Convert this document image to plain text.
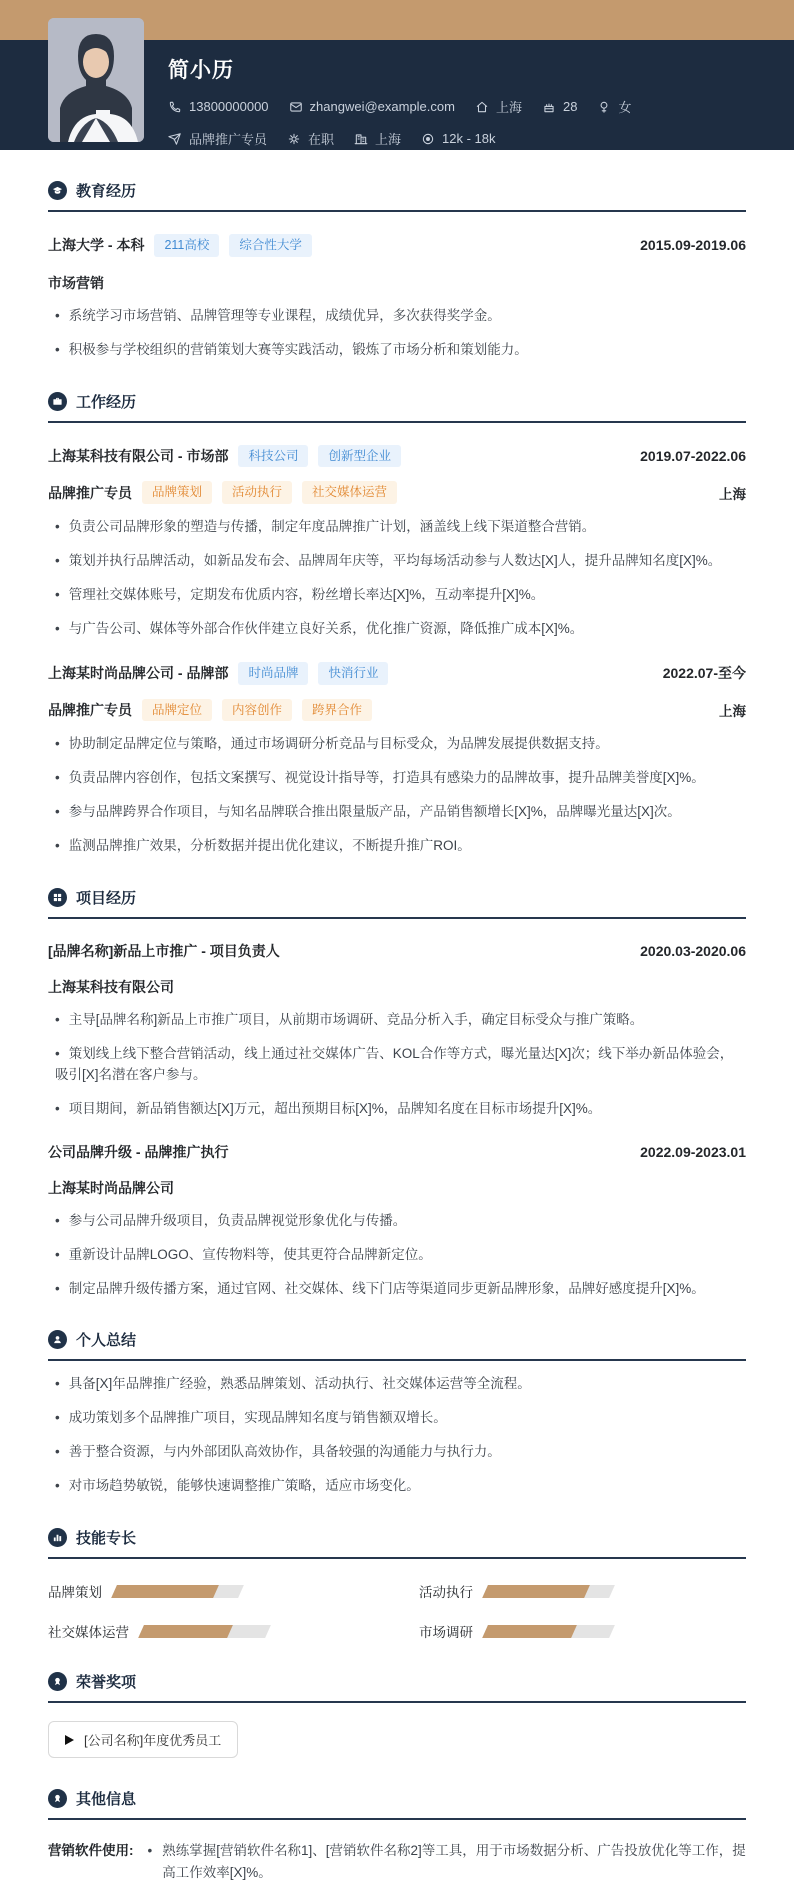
简小历
13800000000	zhangwei@example.com	上海	28	女
品牌推广专员	在职	上海	12k - 18k
教育经历
上海大学 - 本科	211高校	综合性大学	2015.09-2019.06
市场营销
• 系统学习市场营销、品牌管理等专业课程，成绩优异，多次获得奖学金。
• 积极参与学校组织的营销策划大赛等实践活动，锻炼了市场分析和策划能力。
工作经历
上海某科技有限公司 - 市场部	科技公司	创新型企业	2019.07-2022.06
品牌推广专员	品牌策划	活动执行	社交媒体运营	上海
• 负责公司品牌形象的塑造与传播，制定年度品牌推广计划，涵盖线上线下渠道整合营销。
• 策划并执行品牌活动，如新品发布会、品牌周年庆等，平均每场活动参与人数达[X]人，提升品牌知名度[X]%。
• 管理社交媒体账号，定期发布优质内容，粉丝增长率达[X]%，互动率提升[X]%。
• 与广告公司、媒体等外部合作伙伴建立良好关系，优化推广资源，降低推广成本[X]%。
上海某时尚品牌公司 - 品牌部	时尚品牌	快消行业	2022.07-至今
品牌推广专员	品牌定位	内容创作	跨界合作	上海
• 协助制定品牌定位与策略，通过市场调研分析竞品与目标受众，为品牌发展提供数据支持。
• 负责品牌内容创作，包括文案撰写、视觉设计指导等，打造具有感染力的品牌故事，提升品牌美誉度[X]%。
• 参与品牌跨界合作项目，与知名品牌联合推出限量版产品，产品销售额增长[X]%，品牌曝光量达[X]次。
• 监测品牌推广效果，分析数据并提出优化建议，不断提升推广ROI。
项目经历
[品牌名称]新品上市推广 - 项目负责人	2020.03-2020.06
上海某科技有限公司
• 主导[品牌名称]新品上市推广项目，从前期市场调研、竞品分析入手，确定目标受众与推广策略。
• 策划线上线下整合营销活动，线上通过社交媒体广告、KOL合作等方式，曝光量达[X]次；线下举办新品体验会，吸引[X]名潜在客户参与。
• 项目期间，新品销售额达[X]万元，超出预期目标[X]%，品牌知名度在目标市场提升[X]%。
公司品牌升级 - 品牌推广执行	2022.09-2023.01
上海某时尚品牌公司
• 参与公司品牌升级项目，负责品牌视觉形象优化与传播。
• 重新设计品牌LOGO、宣传物料等，使其更符合品牌新定位。
• 制定品牌升级传播方案，通过官网、社交媒体、线下门店等渠道同步更新品牌形象，品牌好感度提升[X]%。
个人总结
• 具备[X]年品牌推广经验，熟悉品牌策划、活动执行、社交媒体运营等全流程。
• 成功策划多个品牌推广项目，实现品牌知名度与销售额双增长。
• 善于整合资源，与内外部团队高效协作，具备较强的沟通能力与执行力。
• 对市场趋势敏锐，能够快速调整推广策略，适应市场变化。
技能专长
品牌策划	活动执行
社交媒体运营	市场调研
荣誉奖项
[公司名称]年度优秀员工
其他信息
营销软件使用: • 熟练掌握[营销软件名称1]、[营销软件名称2]等工具，用于市场数据分析、广告投放优化等工作，提高工作效率[X]%。
